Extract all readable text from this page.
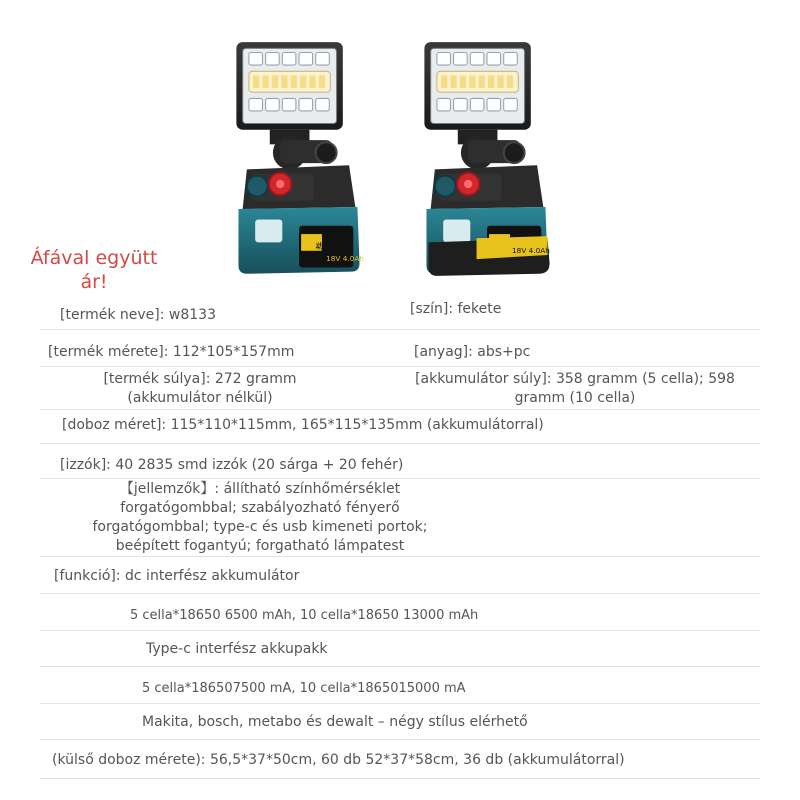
动力
18V 4.0Ah
18V 4.0Ah
Áfával együtt ár!
[termék neve]: w8133	[szín]: fekete
[termék mérete]: 112*105*157mm	[anyag]: abs+pc
[termék súlya]: 272 gramm (akkumulátor nélkül)
[akkumulátor súly]: 358 gramm (5 cella); 598 gramm (10 cella)
[doboz méret]: 115*110*115mm, 165*115*135mm (akkumulátorral)
[izzók]: 40 2835 smd izzók (20 sárga + 20 fehér)
【jellemzők】: állítható színhőmérséklet forgatógombbal; szabályozható fényerő forgatógombbal; type-c és usb kimeneti portok; beépített fogantyú; forgatható lámpatest
[funkció]: dc interfész akkumulátor
5 cella*18650 6500 mAh, 10 cella*18650 13000 mAh
Type-c interfész akkupakk
5 cella*186507500 mA, 10 cella*1865015000 mA
Makita, bosch, metabo és dewalt – négy stílus elérhető
(külső doboz mérete): 56,5*37*50cm, 60 db 52*37*58cm, 36 db (akkumulátorral)
